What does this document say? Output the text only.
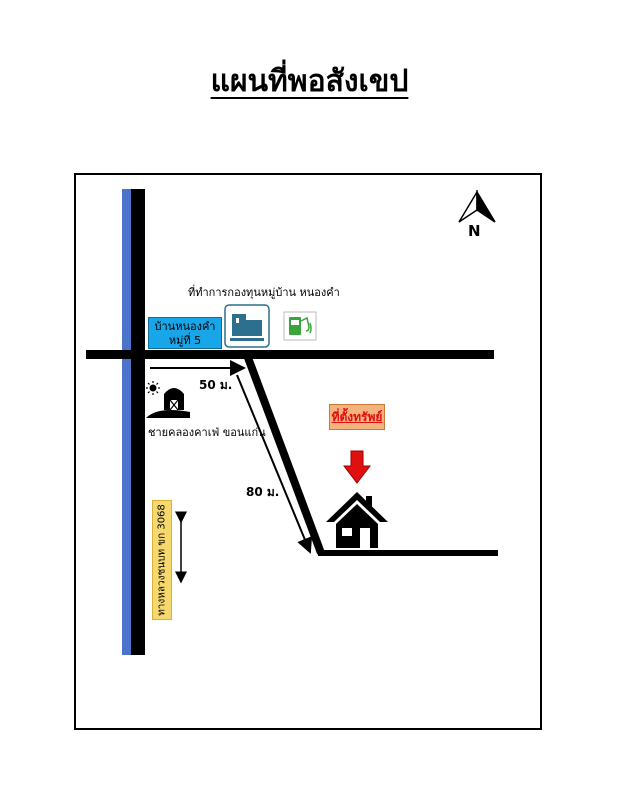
แผนที่พอสังเขป
N
ที่ทำการกองทุนหมู่บ้าน หนองคำ
บ้านหนองคำ
หมู่ที่ 5
50 ม.
80 ม.
ชายคลองคาเฟ่ ขอนแก่น
ที่ตั้งทรัพย์
ทางหลวงชนบท ขก 3068
